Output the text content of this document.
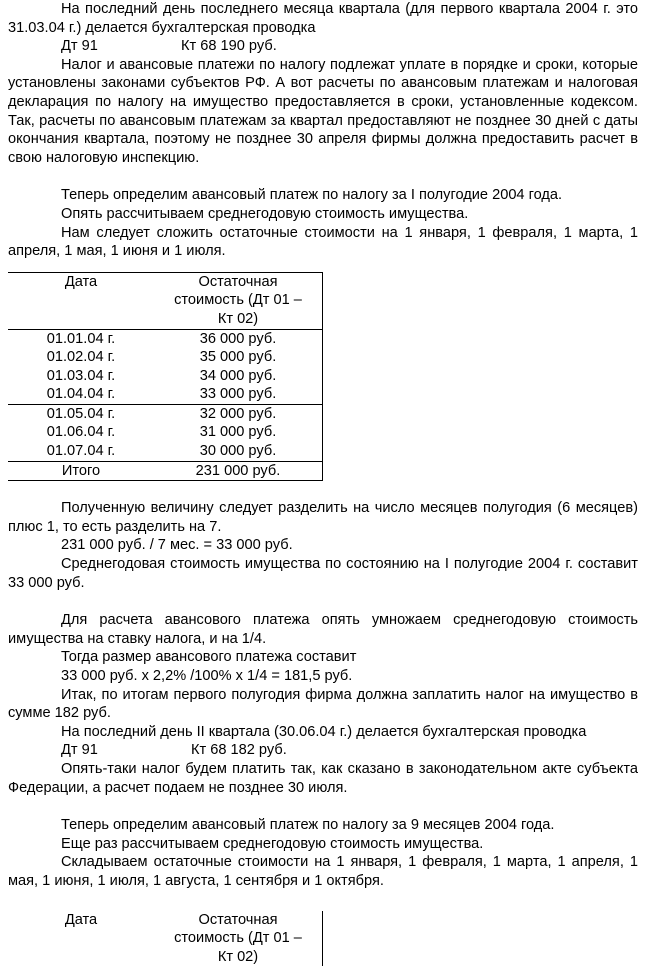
На последний день последнего месяца квартала (для первого квартала 2004 г. это 31.03.04 г.) делается бухгалтерская проводка

Дт 91	Кт 68 190 руб.

Налог и авансовые платежи по налогу подлежат уплате в порядке и сроки, которые установлены законами субъектов РФ. А вот расчеты по авансовым платежам и налоговая декларация по налогу на имущество предоставляется в сроки, установленные кодексом. Так, расчеты по авансовым платежам за квартал предоставляют не позднее 30 дней с даты окончания квартала, поэтому не позднее 30 апреля фирмы должна предоставить расчет в свою налоговую инспекцию.

Теперь определим авансовый платеж по налогу за I полугодие 2004 года.

Опять рассчитываем среднегодовую стоимость имущества.

Нам следует сложить остаточные стоимости на 1 января, 1 февраля, 1 марта, 1 апреля, 1 мая, 1 июня и 1 июля.

Дата	Остаточная
стоимость (Дт 01 –
Кт 02)

01.01.04 г.	36 000 руб.
01.02.04 г.	35 000 руб.
01.03.04 г.	34 000 руб.
01.04.04 г.	33 000 руб.
01.05.04 г.	32 000 руб.
01.06.04 г.	31 000 руб.
01.07.04 г.	30 000 руб.
Итого	231 000 руб.

Полученную величину следует разделить на число месяцев полугодия (6 месяцев) плюс 1, то есть разделить на 7.

231 000 руб. / 7 мес. = 33 000 руб.

Среднегодовая стоимость имущества по состоянию на I полугодие 2004 г. составит 33 000 руб.

Для расчета авансового платежа опять умножаем среднегодовую стоимость имущества на ставку налога, и на 1/4.

Тогда размер авансового платежа составит

33 000 руб. х 2,2% /100% х 1/4 = 181,5 руб.

Итак, по итогам первого полугодия фирма должна заплатить налог на имущество в сумме 182 руб.

На последний день II квартала (30.06.04 г.) делается бухгалтерская проводка

Дт 91	Кт 68 182 руб.

Опять-таки налог будем платить так, как сказано в законодательном акте субъекта Федерации, а расчет подаем не позднее 30 июля.

Теперь определим авансовый платеж по налогу за 9 месяцев 2004 года.

Еще раз рассчитываем среднегодовую стоимость имущества.

Складываем остаточные стоимости на 1 января, 1 февраля, 1 марта, 1 апреля, 1 мая, 1 июня, 1 июля, 1 августа, 1 сентября и 1 октября.

Дата	Остаточная
стоимость (Дт 01 –
Кт 02)
